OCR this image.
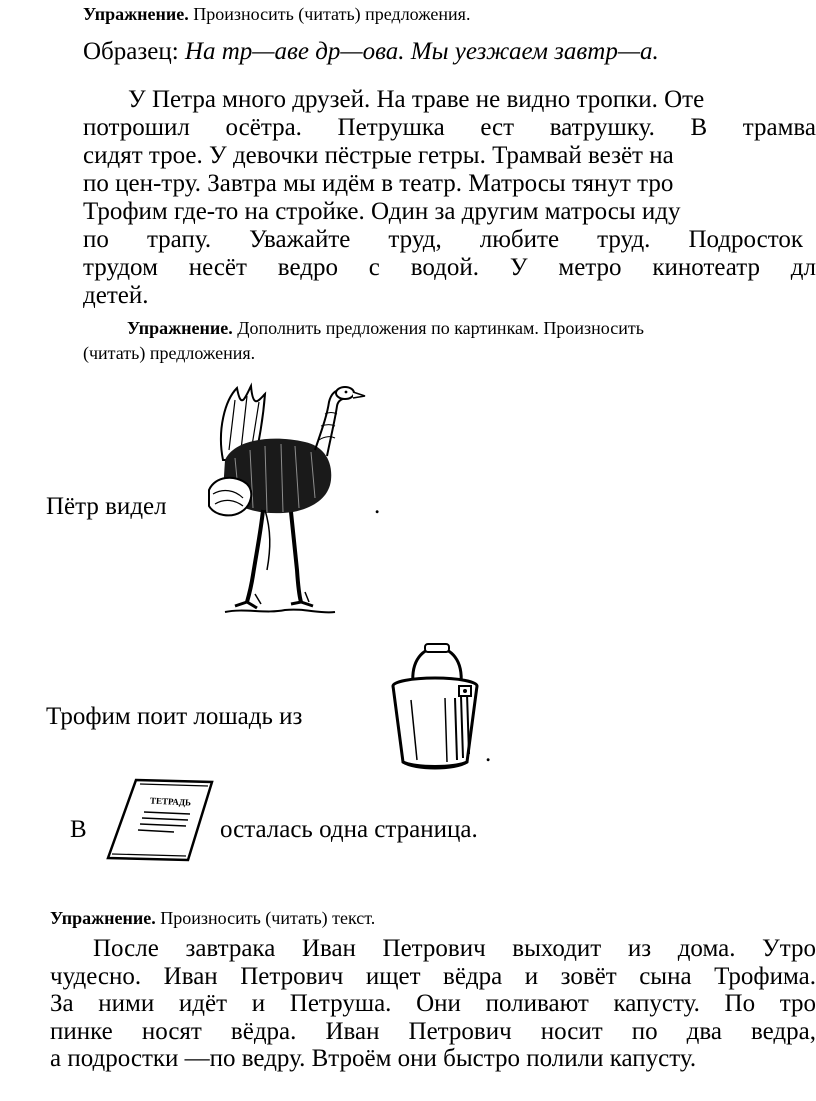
Упражнение. Произносить (читать) предложения.
Образец: На тр—аве др—ова. Мы уезжаем завтр—а.
У Петра много друзей. На траве не видно тропки. Оте
потрошил осётра. Петрушка ест ватрушку. В трамва
сидят трое. У девочки пёстрые гетры. Трамвай везёт на
по цен-тру. Завтра мы идём в театр. Матросы тянут тро
Трофим где-то на стройке. Один за другим матросы иду
по трапу. Уважайте труд, любите труд. Подросток
трудом несёт ведро с водой. У метро кинотеатр дл
детей.
Упражнение. Дополнить предложения по картинкам. Произносить
(читать) предложения.
Пётр видел	.
Трофим поит лошадь из
.
В
ТЕТРАДЬ
осталась одна страница.
Упражнение. Произносить (читать) текст.
После завтрака Иван Петрович выходит из дома. Утро
чудесно. Иван Петрович ищет вёдра и зовёт сына Трофима.
За ними идёт и Петруша. Они поливают капусту. По тро
пинке носят вёдра. Иван Петрович носит по два ведра,
а подростки —по ведру. Втроём они быстро полили капусту.
